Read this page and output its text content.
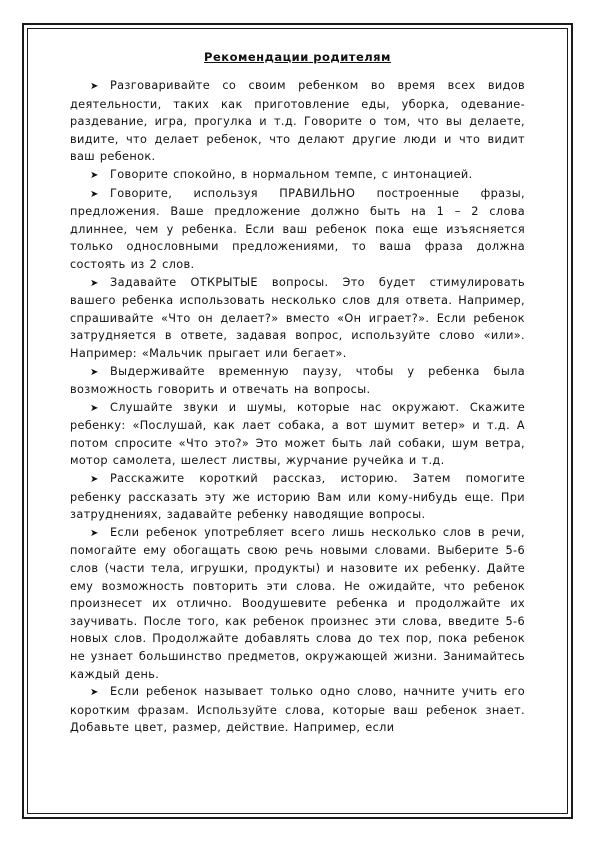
Рекомендации родителям

➤ Разговаривайте со своим ребенком во время всех видов деятельности, таких как приготовление еды, уборка, одевание-раздевание, игра, прогулка и т.д. Говорите о том, что вы делаете, видите, что делает ребенок, что делают другие люди и что видит ваш ребенок.

➤ Говорите спокойно, в нормальном темпе, с интонацией.

➤ Говорите, используя ПРАВИЛЬНО построенные фразы, предложения. Ваше предложение должно быть на 1 – 2 слова длиннее, чем у ребенка. Если ваш ребенок пока еще изъясняется только однословными предложениями, то ваша фраза должна состоять из 2 слов.

➤ Задавайте ОТКРЫТЫЕ вопросы. Это будет стимулировать вашего ребенка использовать несколько слов для ответа. Например, спрашивайте «Что он делает?» вместо «Он играет?». Если ребенок затрудняется в ответе, задавая вопрос, используйте слово «или». Например: «Мальчик прыгает или бегает».

➤ Выдерживайте временную паузу, чтобы у ребенка была возможность говорить и отвечать на вопросы.

➤ Слушайте звуки и шумы, которые нас окружают. Скажите ребенку: «Послушай, как лает собака, а вот шумит ветер» и т.д. А потом спросите «Что это?» Это может быть лай собаки, шум ветра, мотор самолета, шелест листвы, журчание ручейка и т.д.

➤ Расскажите короткий рассказ, историю. Затем помогите ребенку рассказать эту же историю Вам или кому-нибудь еще. При затруднениях, задавайте ребенку наводящие вопросы.

➤ Если ребенок употребляет всего лишь несколько слов в речи, помогайте ему обогащать свою речь новыми словами. Выберите 5-6 слов (части тела, игрушки, продукты) и назовите их ребенку. Дайте ему возможность повторить эти слова. Не ожидайте, что ребенок произнесет их отлично. Воодушевите ребенка и продолжайте их заучивать. После того, как ребенок произнес эти слова, введите 5-6 новых слов. Продолжайте добавлять слова до тех пор, пока ребенок не узнает большинство предметов, окружающей жизни. Занимайтесь каждый день.

➤ Если ребенок называет только одно слово, начните учить его коротким фразам. Используйте слова, которые ваш ребенок знает. Добавьте цвет, размер, действие. Например, если
